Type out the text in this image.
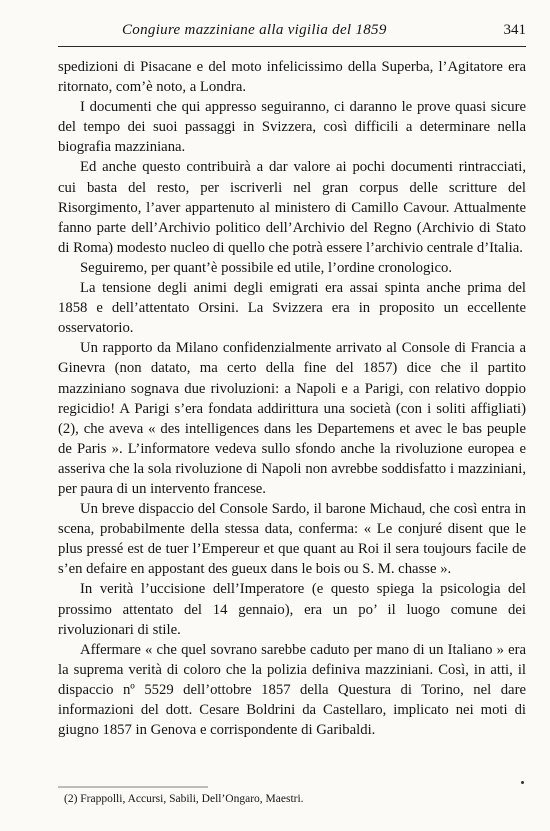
Congiure mazziniane alla vigilia del 1859	341

spedizioni di Pisacane e del moto infelicissimo della Superba, l’Agitatore era ritornato, com’è noto, a Londra.

I documenti che qui appresso seguiranno, ci daranno le prove quasi sicure del tempo dei suoi passaggi in Svizzera, così difficili a determinare nella biografia mazziniana.

Ed anche questo contribuirà a dar valore ai pochi documenti rintracciati, cui basta del resto, per iscriverli nel gran corpus delle scritture del Risorgimento, l’aver appartenuto al ministero di Camillo Cavour. Attualmente fanno parte dell’Archivio politico dell’Archivio del Regno (Archivio di Stato di Roma) modesto nucleo di quello che potrà essere l’archivio centrale d’Italia.

Seguiremo, per quant’è possibile ed utile, l’ordine cronologico.

La tensione degli animi degli emigrati era assai spinta anche prima del 1858 e dell’attentato Orsini. La Svizzera era in proposito un eccellente osservatorio.

Un rapporto da Milano confidenzialmente arrivato al Console di Francia a Ginevra (non datato, ma certo della fine del 1857) dice che il partito mazziniano sognava due rivoluzioni: a Napoli e a Parigi, con relativo doppio regicidio! A Parigi s’era fondata addirittura una società (con i soliti affigliati) (2), che aveva « des intelligences dans les Departemens et avec le bas peuple de Paris ». L’informatore vedeva sullo sfondo anche la rivoluzione europea e asseriva che la sola rivoluzione di Napoli non avrebbe soddisfatto i mazziniani, per paura di un intervento francese.

Un breve dispaccio del Console Sardo, il barone Michaud, che così entra in scena, probabilmente della stessa data, conferma: « Le conjuré disent que le plus pressé est de tuer l’Empereur et que quant au Roi il sera toujours facile de s’en defaire en appostant des gueux dans le bois ou S. M. chasse ».

In verità l’uccisione dell’Imperatore (e questo spiega la psicologia del prossimo attentato del 14 gennaio), era un po’ il luogo comune dei rivoluzionari di stile.

Affermare « che quel sovrano sarebbe caduto per mano di un Italiano » era la suprema verità di coloro che la polizia definiva mazziniani. Così, in atti, il dispaccio nº 5529 dell’ottobre 1857 della Questura di Torino, nel dare informazioni del dott. Cesare Boldrini da Castellaro, implicato nei moti di giugno 1857 in Genova e corrispondente di Garibaldi.

(2) Frappolli, Accursi, Sabili, Dell’Ongaro, Maestri.
